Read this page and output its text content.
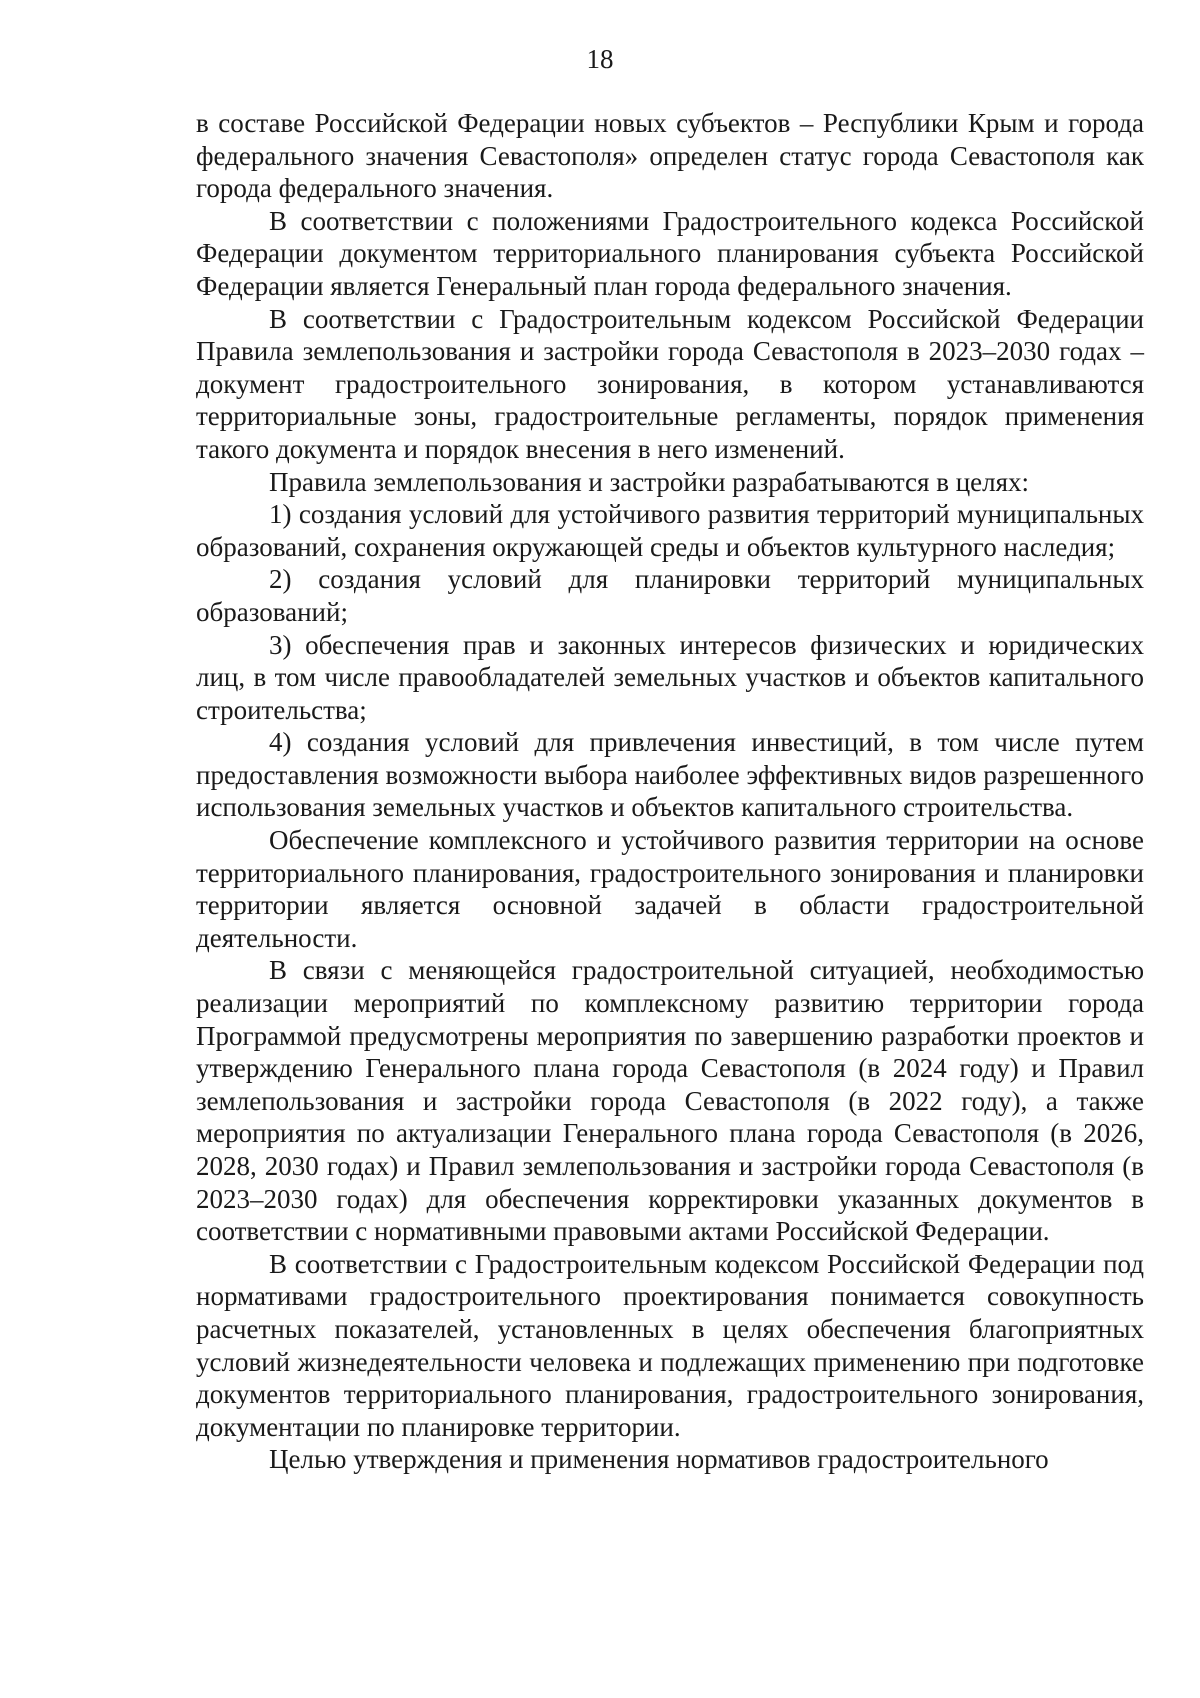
18

в составе Российской Федерации новых субъектов – Республики Крым и города федерального значения Севастополя» определен статус города Севастополя как города федерального значения.

В соответствии с положениями Градостроительного кодекса Российской Федерации документом территориального планирования субъекта Российской Федерации является Генеральный план города федерального значения.

В соответствии с Градостроительным кодексом Российской Федерации Правила землепользования и застройки города Севастополя в 2023–2030 годах – документ градостроительного зонирования, в котором устанавливаются территориальные зоны, градостроительные регламенты, порядок применения такого документа и порядок внесения в него изменений.

Правила землепользования и застройки разрабатываются в целях:

1) создания условий для устойчивого развития территорий муниципальных образований, сохранения окружающей среды и объектов культурного наследия;

2) создания условий для планировки территорий муниципальных образований;

3) обеспечения прав и законных интересов физических и юридических лиц, в том числе правообладателей земельных участков и объектов капитального строительства;

4) создания условий для привлечения инвестиций, в том числе путем предоставления возможности выбора наиболее эффективных видов разрешенного использования земельных участков и объектов капитального строительства.

Обеспечение комплексного и устойчивого развития территории на основе территориального планирования, градостроительного зонирования и планировки территории является основной задачей в области градостроительной деятельности.

В связи с меняющейся градостроительной ситуацией, необходимостью реализации мероприятий по комплексному развитию территории города Программой предусмотрены мероприятия по завершению разработки проектов и утверждению Генерального плана города Севастополя (в 2024 году) и Правил землепользования и застройки города Севастополя (в 2022 году), а также мероприятия по актуализации Генерального плана города Севастополя (в 2026, 2028, 2030 годах) и Правил землепользования и застройки города Севастополя (в 2023–2030 годах) для обеспечения корректировки указанных документов в соответствии с нормативными правовыми актами Российской Федерации.

В соответствии с Градостроительным кодексом Российской Федерации под нормативами градостроительного проектирования понимается совокупность расчетных показателей, установленных в целях обеспечения благоприятных условий жизнедеятельности человека и подлежащих применению при подготовке документов территориального планирования, градостроительного зонирования, документации по планировке территории.

Целью утверждения и применения нормативов градостроительного
